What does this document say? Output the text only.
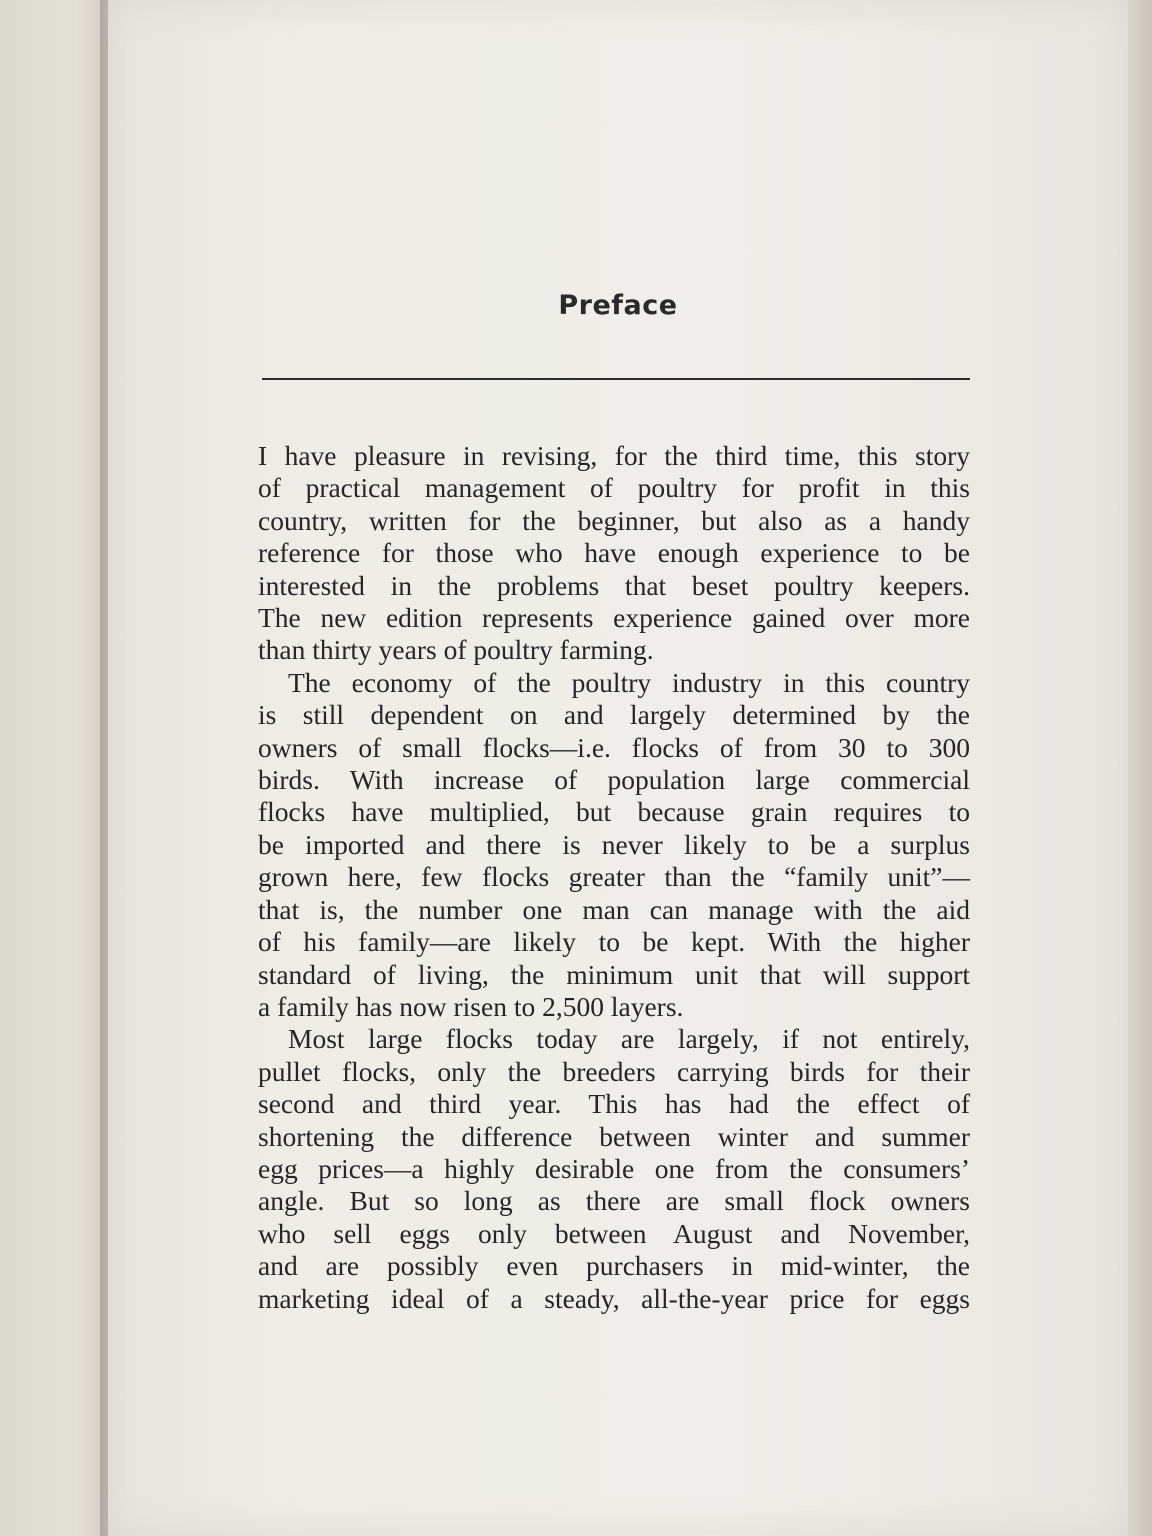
Preface
I have pleasure in revising, for the third time, this story
of practical management of poultry for profit in this
country, written for the beginner, but also as a handy
reference for those who have enough experience to be
interested in the problems that beset poultry keepers.
The new edition represents experience gained over more
than thirty years of poultry farming.
The economy of the poultry industry in this country
is still dependent on and largely determined by the
owners of small flocks—i.e. flocks of from 30 to 300
birds. With increase of population large commercial
flocks have multiplied, but because grain requires to
be imported and there is never likely to be a surplus
grown here, few flocks greater than the “family unit”—
that is, the number one man can manage with the aid
of his family—are likely to be kept. With the higher
standard of living, the minimum unit that will support
a family has now risen to 2,500 layers.
Most large flocks today are largely, if not entirely,
pullet flocks, only the breeders carrying birds for their
second and third year. This has had the effect of
shortening the difference between winter and summer
egg prices—a highly desirable one from the consumers’
angle. But so long as there are small flock owners
who sell eggs only between August and November,
and are possibly even purchasers in mid-winter, the
marketing ideal of a steady, all-the-year price for eggs
